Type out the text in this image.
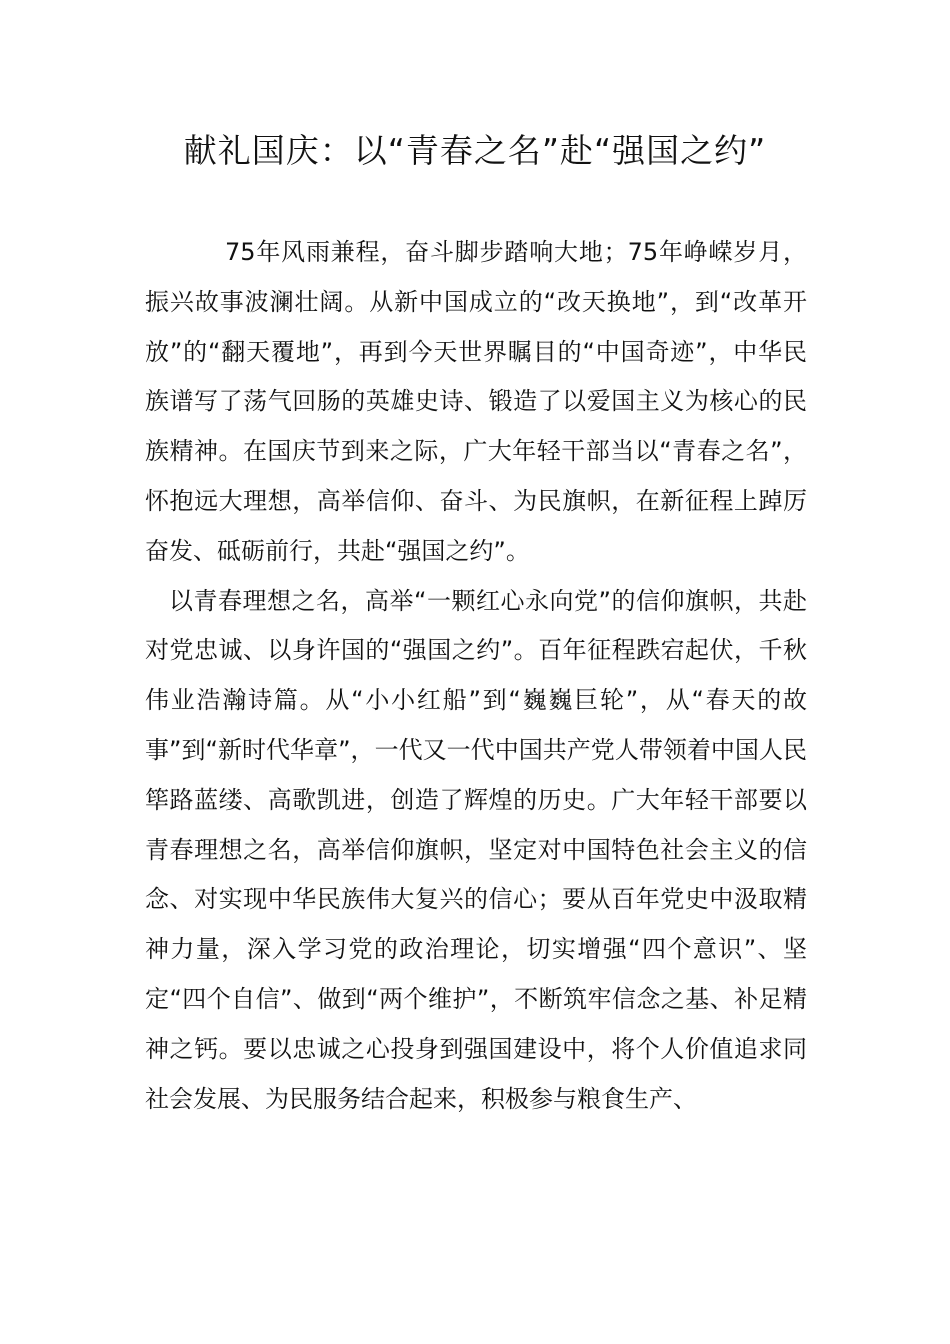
献礼国庆：以“青春之名”赴“强国之约”

75年风雨兼程，奋斗脚步踏响大地；75年峥嵘岁月，振兴故事波澜壮阔。从新中国成立的“改天换地”，到“改革开放”的“翻天覆地”，再到今天世界瞩目的“中国奇迹”，中华民族谱写了荡气回肠的英雄史诗、锻造了以爱国主义为核心的民族精神。在国庆节到来之际，广大年轻干部当以“青春之名”，怀抱远大理想，高举信仰、奋斗、为民旗帜，在新征程上踔厉奋发、砥砺前行，共赴“强国之约”。

以青春理想之名，高举“一颗红心永向党”的信仰旗帜，共赴对党忠诚、以身许国的“强国之约”。百年征程跌宕起伏，千秋伟业浩瀚诗篇。从“小小红船”到“巍巍巨轮”，从“春天的故事”到“新时代华章”，一代又一代中国共产党人带领着中国人民筚路蓝缕、高歌凯进，创造了辉煌的历史。广大年轻干部要以青春理想之名，高举信仰旗帜，坚定对中国特色社会主义的信念、对实现中华民族伟大复兴的信心；要从百年党史中汲取精神力量，深入学习党的政治理论，切实增强“四个意识”、坚定“四个自信”、做到“两个维护”，不断筑牢信念之基、补足精神之钙。要以忠诚之心投身到强国建设中，将个人价值追求同社会发展、为民服务结合起来，积极参与粮食生产、
